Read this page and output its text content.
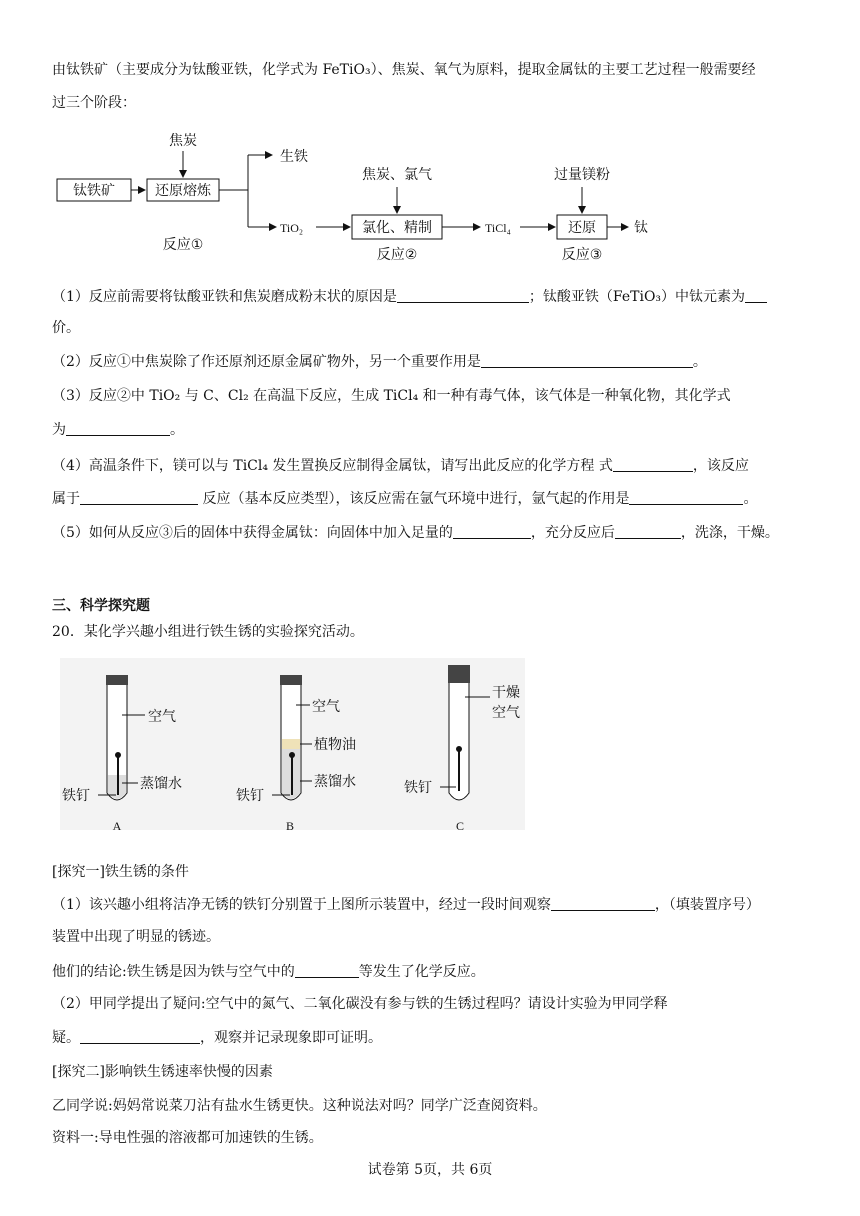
由钛铁矿（主要成分为钛酸亚铁，化学式为 FeTiO₃）、焦炭、氧气为原料，提取金属钛的主要工艺过程一般需要经
过三个阶段：
钛铁矿	还原熔炼
焦炭
生铁
TiO₂	氯化、精制
焦炭、氯气
TiCl₄	还原
过量镁粉
钛
反应①
反应②	反应③
（1）反应前需要将钛酸亚铁和焦炭磨成粉末状的原因是	；钛酸亚铁（FeTiO₃）中钛元素为
价。
（2）反应①中焦炭除了作还原剂还原金属矿物外，另一个重要作用是	。
（3）反应②中 TiO₂ 与 C、Cl₂ 在高温下反应，生成 TiCl₄ 和一种有毒气体，该气体是一种氧化物，其化学式
为	。
（4）高温条件下，镁可以与 TiCl₄ 发生置换反应制得金属钛，请写出此反应的化学方程 式	，该反应
属于	反应（基本反应类型），该反应需在氩气环境中进行，氩气起的作用是	。
（5）如何从反应③后的固体中获得金属钛：向固体中加入足量的	，充分反应后	，洗涤，干燥。
三、科学探究题
20．某化学兴趣小组进行铁生锈的实验探究活动。
空气
蒸馏水
铁钉
A
空气
植物油
蒸馏水
铁钉
B
干燥
空气
铁钉
C
[探究一]铁生锈的条件
（1）该兴趣小组将洁净无锈的铁钉分别置于上图所示装置中，经过一段时间观察	，（填装置序号）
装置中出现了明显的锈迹。
他们的结论:铁生锈是因为铁与空气中的	等发生了化学反应。
（2）甲同学提出了疑问:空气中的氮气、二氧化碳没有参与铁的生锈过程吗？请设计实验为甲同学释
疑。	，观察并记录现象即可证明。
[探究二]影响铁生锈速率快慢的因素
乙同学说:妈妈常说菜刀沾有盐水生锈更快。这种说法对吗？同学广泛查阅资料。
资料一:导电性强的溶液都可加速铁的生锈。
试卷第 5页，共 6页
